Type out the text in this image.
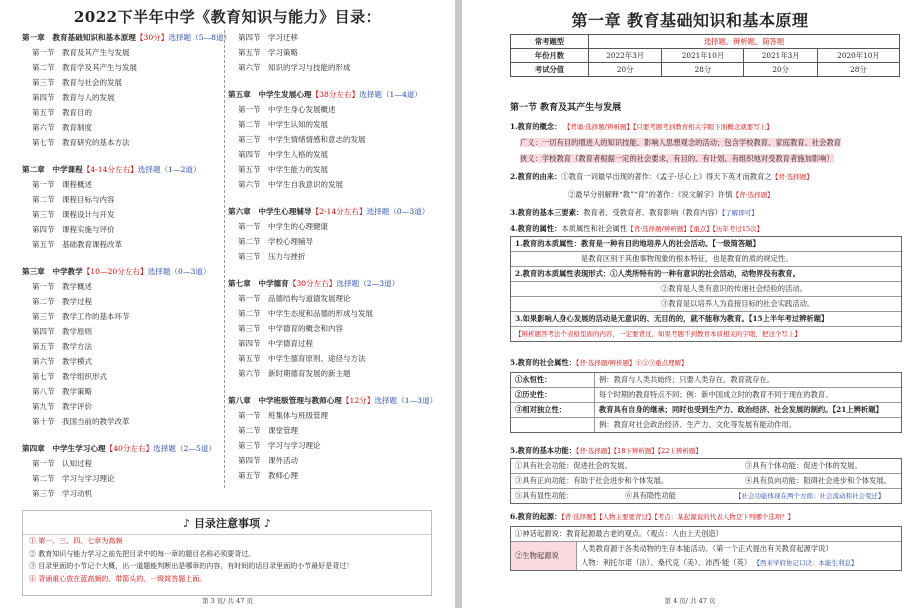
2022下半年中学《教育知识与能力》目录：
第一章　教育基础知识和基本原理【30分】选择题（5—8道）
第一节 教育及其产生与发展
第二节 教育学及其产生与发展
第三节 教育与社会的发展
第四节 教育与人的发展
第五节 教育目的
第六节 教育制度
第七节 教育研究的基本方法
第二章　中学课程【4-14分左右】选择题（1—2道）
第一节 课程概述
第二节 课程目标与内容
第三节 课程设计与开发
第四节 课程实施与评价
第五节 基础教育课程改革
第三章　中学教学【10—20分左右】选择题（0—3道）
第一节 教学概述
第二节 教学过程
第三节 教学工作的基本环节
第四节 教学原则
第五节 教学方法
第六节 教学模式
第七节 教学组织形式
第八节 教学策略
第九节 教学评价
第十节 我国当前的教学改革
第四章　中学生学习心理【40分左右】选择题（2—5道）
第一节 认知过程
第二节 学习与学习理论
第三节 学习动机
第四节 学习迁移
第五节 学习策略
第六节 知识的学习与技能的形成
第五章　中学生发展心理【38分左右】选择题（1—4道）
第一节 中学生身心发展概述
第二节 中学生认知的发展
第三节 中学生情绪情感和意志的发展
第四节 中学生人格的发展
第五节 中学生能力的发展
第六节 中学生自我意识的发展
第六章　中学生心理辅导【2-14分左右】选择题（0—3道）
第一节 中学生的心理健康
第二节 学校心理辅导
第三节 压力与挫折
第七章　中学德育【30分左右】选择题（2—3道）
第一节 品德结构与道德发展理论
第二节 中学生态度和品德的形成与发展
第三节 中学德育的概念和内容
第四节 中学德育过程
第五节 中学生德育原则、途径与方法
第六节 新时期德育发展的新主题
第八章　中学班级管理与教师心理【12分】选择题（1—3道）
第一节 班集体与班级管理
第二节 课堂管理
第三节 学习与学习理论
第四节 课外活动
第五节 教师心理
♪ 目录注意事项 ♪
① 第一、三、四、七章为高频
② 教育知识与能力学习之前先把目录中的每一章的题目名称必须要背过。
③ 目录里面的小节记个大概，出一道题能判断出是哪章的内容，有时间的话目录里面的小节最好是背过！
④ 背诵重心放在蓝高频的、带箭头的、一级简答题上面。
第 3 页/ 共 47 页
第一章 教育基础知识和基本原理
常考题型	选择题、辨析题、简答题			
年份月数	2022年3月	2021年10月	2021年3月	2020年10月
考试分值	20分	28分	20分	28分
第一节 教育及其产生与发展
1.教育的概念： 【背诵·选择题/辨析题】【只要考题考到教育相关字眼下面概念就要写上】
广义：一切有目的增进人的知识技能、影响人思想观念的活动；包含学校教育、家庭教育、社会教育
狭义：学校教育（教育者根据一定的社会要求，有目的、有计划、有组织地对受教育者施加影响）
2.教育的由来：①教育一词最早出现的著作：《孟子·尽心上》得天下英才而教育之【背·选择题】
②最早分别解释“教”“育”的著作：《说文解字》许慎【背·选择题】
3.教育的基本三要素：教育者、受教育者、教育影响（教育内容）【了解即可】
4.教育的属性：本质属性和社会属性【背·选择题/辨析题】【重点】【历年考过15次】
1.教育的本质属性：教育是一种有目的地培养人的社会活动。【一级简答题】
是教育区别于其他事物现象的根本特征，也是教育的质的规定性。
2.教育的本质属性表现形式：①人类所特有的一种有意识的社会活动，动物界没有教育。
②教育是人类有意识的传递社会经验的活动。
③教育是以培养人为直接目标的社会实践活动。
3.如果影响人身心发展的活动是无意识的、无目的的，就不能称为教育。【15上半年考过辨析题】
【辨析题答考法个表格里面的内容，一定要背过，如果考题不到教育本质相关的字眼，把这个写上】
5.教育的社会属性：【背·选择题/辨析题】①②③重点理解】
①永恒性：	例：教育与人类共始终；只要人类存在，教育就存在。
②历史性：	每个时期的教育特点不同；例：新中国成立时的教育不同于现在的教育。
③相对独立性：	教育具有自身的继承；同时也受到生产力、政治经济、社会发展的制约。【21上辨析题】
例：教育对社会政治经济、生产力、文化等发展有能动作用。
5.教育的基本功能：【背·选择题】【18下辨析题】【22上辨析题】
①具有社会功能：促进社会的发展。	③具有个体功能：促进个体的发展。
③具有正向功能：有助于社会进步和个体发展。	④具有负向功能：阻碍社会进步和个体发展。
⑤具有显性功能：	⑥具有隐性功能	【社会功能体现在两个方面：社会流动和社会变迁】
6.教育的起源：【背·选择题】【人物主要要背过】【考点：某起源说的代表人物是下列哪个选项？】
①神话起源说：教育起源最古老的观点。（观点：人由上天创造）
②生物起源说
人类教育源于各类动物的生存本能活动。（第一个正式提出有关教育起源学说）
人物：利托尔诺（法）、桑代克（美）、沛西·能（英） 【西来学府协记口决：本能生利息】
第 4 页/ 共 47 页
